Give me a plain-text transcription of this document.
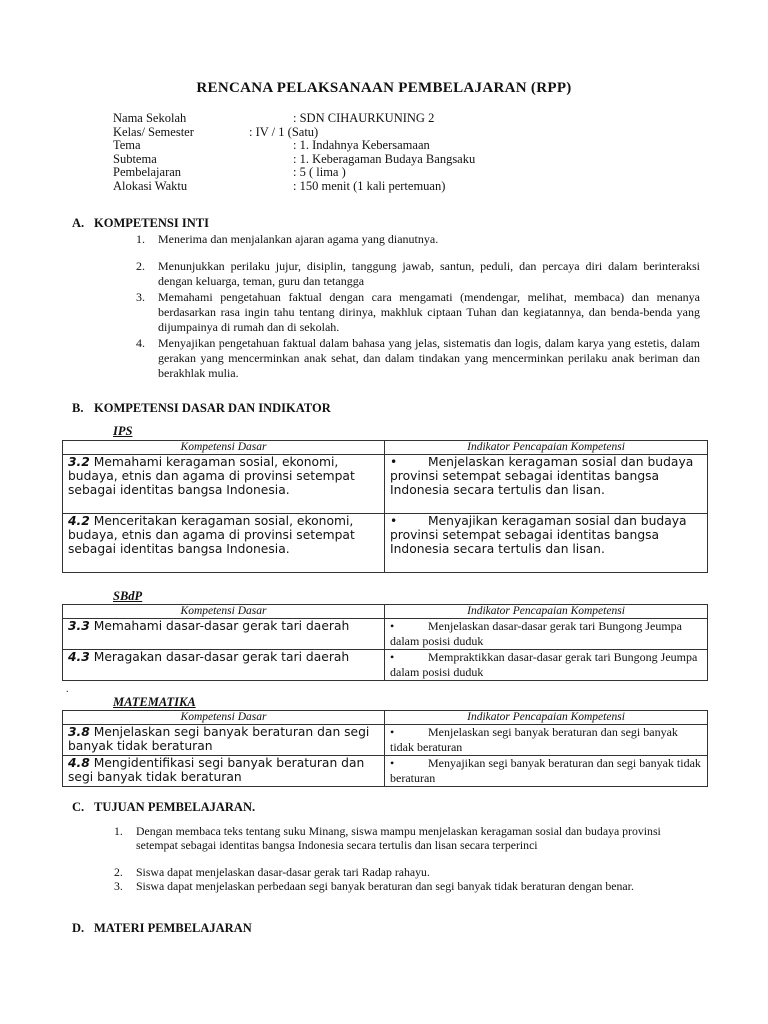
RENCANA PELAKSANAAN PEMBELAJARAN (RPP)
Nama Sekolah	: SDN CIHAURKUNING 2
Kelas/ Semester	: IV / 1 (Satu)
Tema	: 1. Indahnya Kebersamaan
Subtema	: 1. Keberagaman Budaya Bangsaku
Pembelajaran	: 5 ( lima )
Alokasi Waktu	: 150 menit (1 kali pertemuan)
A. KOMPETENSI INTI
1. Menerima dan menjalankan ajaran agama yang dianutnya.
2. Menunjukkan perilaku jujur, disiplin, tanggung jawab, santun, peduli, dan percaya diri dalam berinteraksi dengan keluarga, teman, guru dan tetangga
3. Memahami pengetahuan faktual dengan cara mengamati (mendengar, melihat, membaca) dan menanya berdasarkan rasa ingin tahu tentang dirinya, makhluk ciptaan Tuhan dan kegiatannya, dan benda-benda yang dijumpainya di rumah dan di sekolah.
4. Menyajikan pengetahuan faktual dalam bahasa yang jelas, sistematis dan logis, dalam karya yang estetis, dalam gerakan yang mencerminkan anak sehat, dan dalam tindakan yang mencerminkan perilaku anak beriman dan berakhlak mulia.
B. KOMPETENSI DASAR DAN INDIKATOR
IPS
Kompetensi Dasar	Indikator Pencapaian Kompetensi
3.2 Memahami keragaman sosial, ekonomi, budaya, etnis dan agama di provinsi setempat sebagai identitas bangsa Indonesia.	• Menjelaskan keragaman sosial dan budaya provinsi setempat sebagai identitas bangsa Indonesia secara tertulis dan lisan.
4.2 Menceritakan keragaman sosial, ekonomi, budaya, etnis dan agama di provinsi setempat sebagai identitas bangsa Indonesia.	• Menyajikan keragaman sosial dan budaya provinsi setempat sebagai identitas bangsa Indonesia secara tertulis dan lisan.
SBdP
Kompetensi Dasar	Indikator Pencapaian Kompetensi
3.3 Memahami dasar-dasar gerak tari daerah	• Menjelaskan dasar-dasar gerak tari Bungong Jeumpa dalam posisi duduk
4.3 Meragakan dasar-dasar gerak tari daerah	• Mempraktikkan dasar-dasar gerak tari Bungong Jeumpa dalam posisi duduk
.
MATEMATIKA
Kompetensi Dasar	Indikator Pencapaian Kompetensi
3.8 Menjelaskan segi banyak beraturan dan segi banyak tidak beraturan	• Menjelaskan segi banyak beraturan dan segi banyak tidak beraturan
4.8 Mengidentifikasi segi banyak beraturan dan segi banyak tidak beraturan	• Menyajikan segi banyak beraturan dan segi banyak tidak beraturan
C. TUJUAN PEMBELAJARAN.
1. Dengan membaca teks tentang suku Minang, siswa mampu menjelaskan keragaman sosial dan budaya provinsi setempat sebagai identitas bangsa Indonesia secara tertulis dan lisan secara terperinci
2. Siswa dapat menjelaskan dasar-dasar gerak tari Radap rahayu.
3. Siswa dapat menjelaskan perbedaan segi banyak beraturan dan segi banyak tidak beraturan dengan benar.
D. MATERI PEMBELAJARAN
